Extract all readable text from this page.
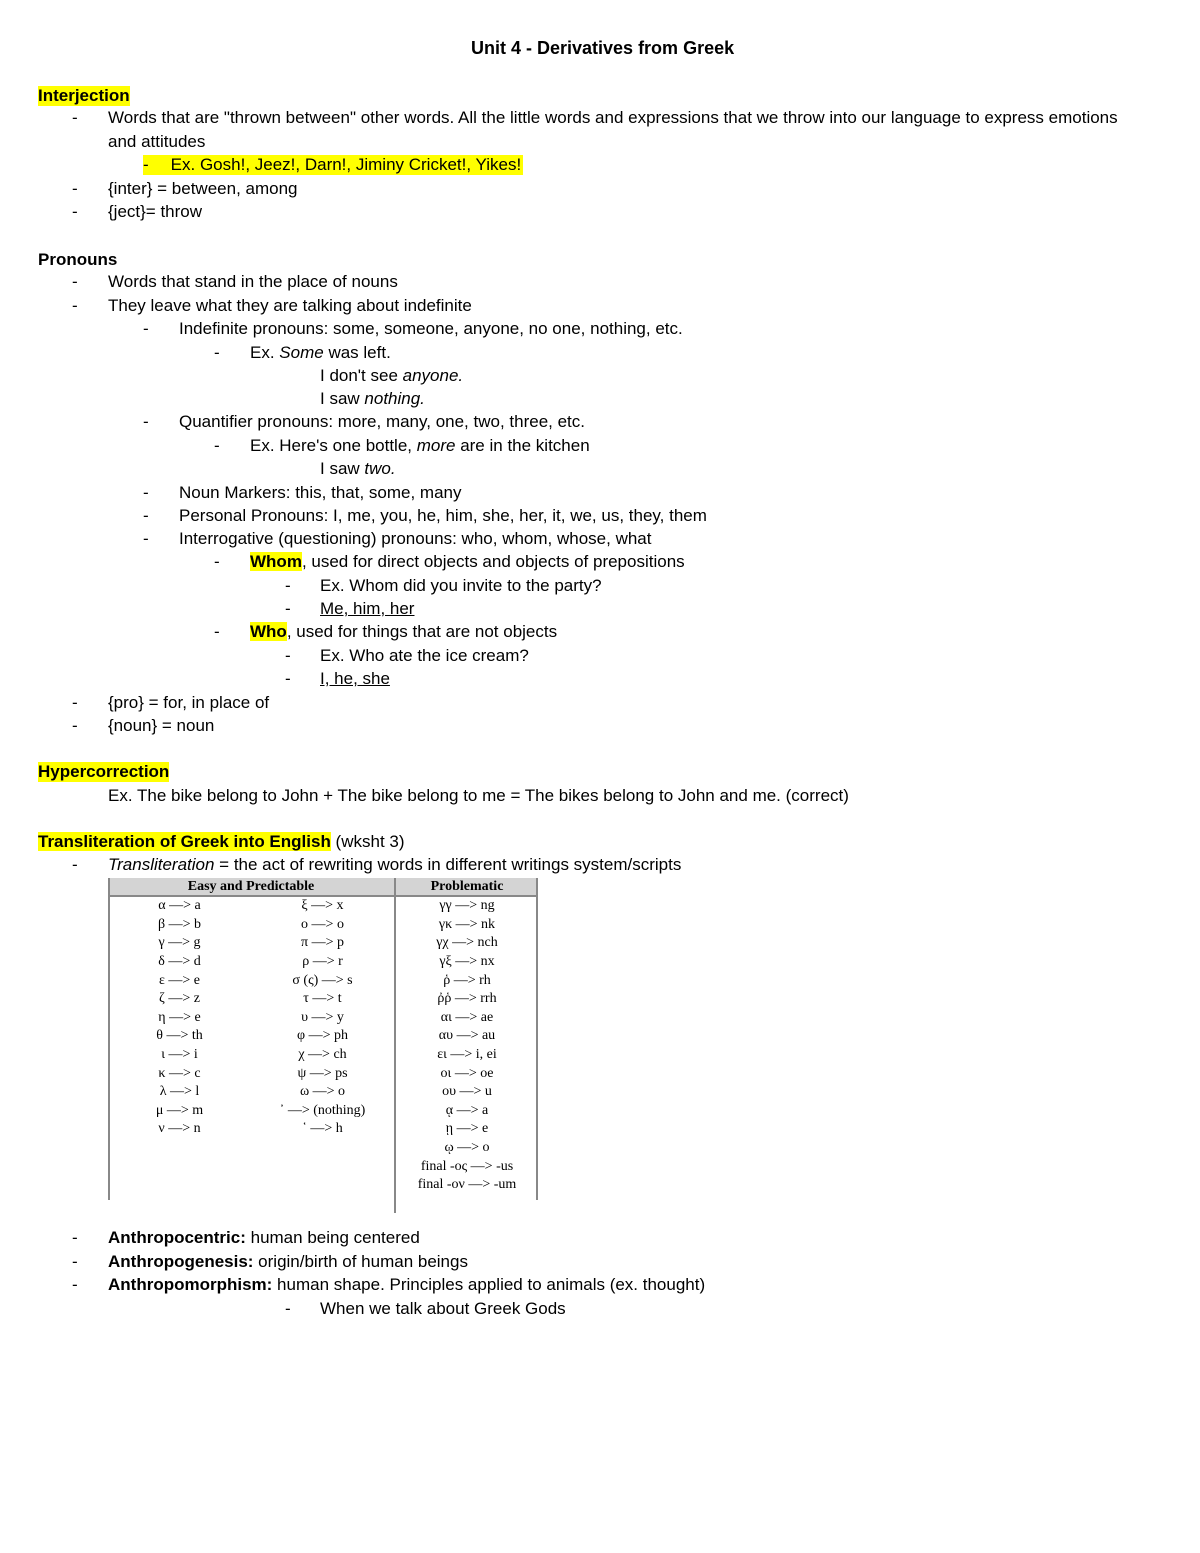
Unit 4 - Derivatives from Greek
Interjection
- Words that are "thrown between" other words. All the little words and expressions that we throw into our language to express emotions
and attitudes
- Ex. Gosh!, Jeez!, Darn!, Jiminy Cricket!, Yikes!
- {inter} = between, among
- {ject}= throw
Pronouns
- Words that stand in the place of nouns
- They leave what they are talking about indefinite
- Indefinite pronouns: some, someone, anyone, no one, nothing, etc.
- Ex. Some was left.
I don't see anyone.
I saw nothing.
- Quantifier pronouns: more, many, one, two, three, etc.
- Ex. Here's one bottle, more are in the kitchen
I saw two.
- Noun Markers: this, that, some, many
- Personal Pronouns: I, me, you, he, him, she, her, it, we, us, they, them
- Interrogative (questioning) pronouns: who, whom, whose, what
- Whom, used for direct objects and objects of prepositions
- Ex. Whom did you invite to the party?
- Me, him, her
- Who, used for things that are not objects
- Ex. Who ate the ice cream?
- I, he, she
- {pro} = for, in place of
- {noun} = noun
Hypercorrection
Ex. The bike belong to John + The bike belong to me = The bikes belong to John and me. (correct)
Transliteration of Greek into English (wksht 3)
- Transliteration = the act of rewriting words in different writings system/scripts
Easy and Predictable		Problematic
α —> a	ξ —> x	γγ —> ng
β —> b	ο —> o	γκ —> nk
γ —> g	π —> p	γχ —> nch
δ —> d	ρ —> r	γξ —> nx
ε —> e	σ (ς) —> s	ῥ —> rh
ζ —> z	τ —> t	ῤῥ —> rrh
η —> e	υ —> y	αι —> ae
θ —> th	φ —> ph	αυ —> au
ι —> i	χ —> ch	ει —> i, ei
κ —> c	ψ —> ps	οι —> oe
λ —> l	ω —> o	ου —> u
μ —> m	᾿ —> (nothing)	ᾳ —> a
ν —> n	῾ —> h	ῃ —> e
		ῳ —> o
		final -ος —> -us
		final -ον —> -um

- Anthropocentric: human being centered
- Anthropogenesis: origin/birth of human beings
- Anthropomorphism: human shape. Principles applied to animals (ex. thought)
- When we talk about Greek Gods
